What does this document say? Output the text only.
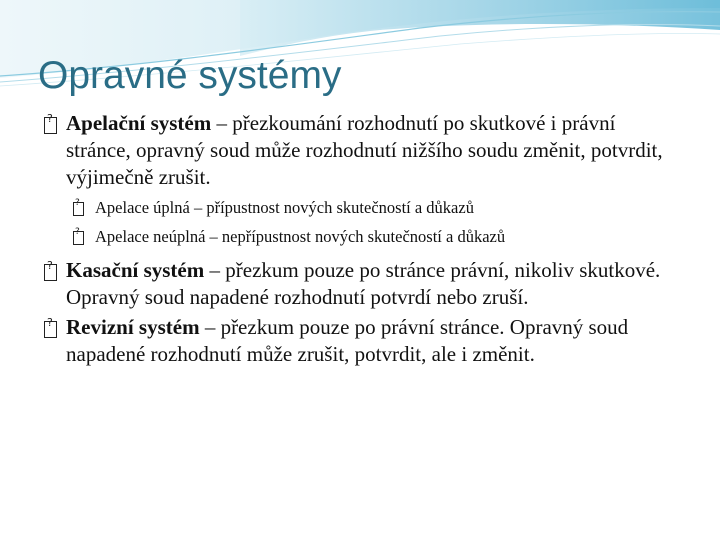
Opravné systémy
? Apelační systém – přezkoumání rozhodnutí po skutkové i právní stránce, opravný soud může rozhodnutí nižšího soudu změnit, potvrdit, výjimečně zrušit.
? Apelace úplná – přípustnost nových skutečností a důkazů
? Apelace neúplná – nepřípustnost nových skutečností a důkazů
? Kasační systém – přezkum pouze po stránce právní, nikoliv skutkové. Opravný soud napadené rozhodnutí potvrdí nebo zruší.
? Revizní systém – přezkum pouze po právní stránce. Opravný soud napadené rozhodnutí může zrušit, potvrdit, ale i změnit.
